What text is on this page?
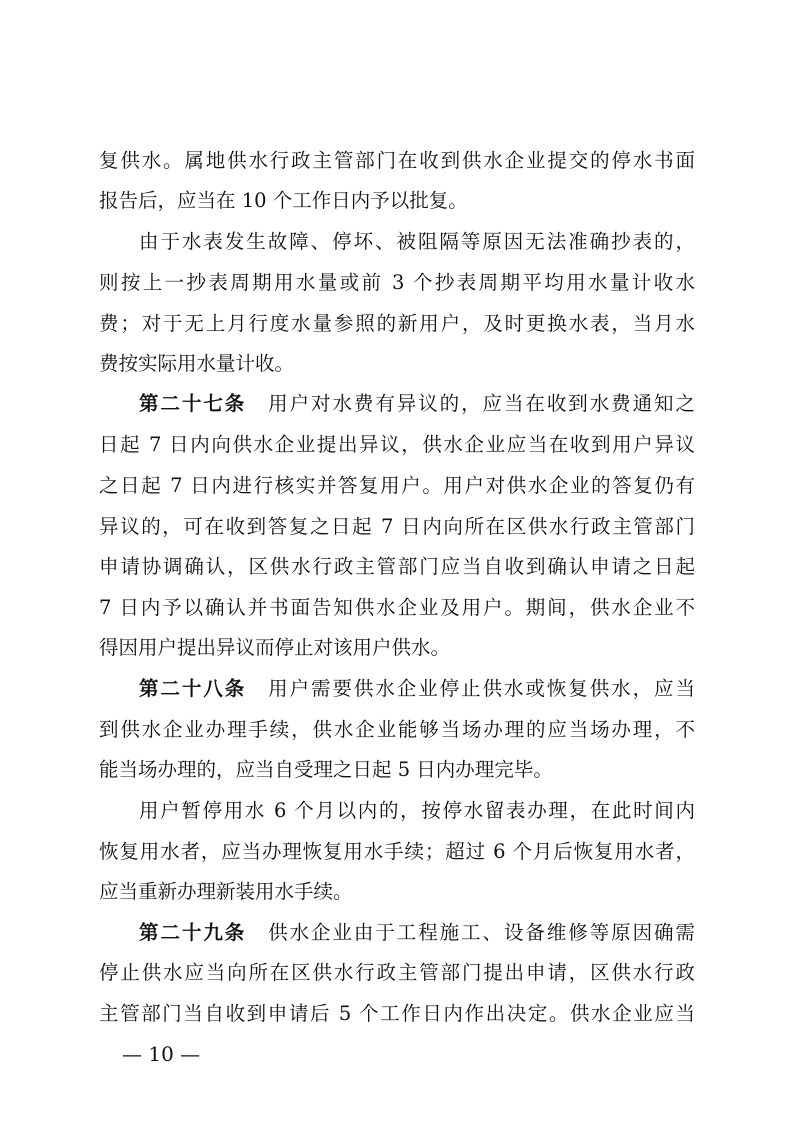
复供水。属地供水行政主管部门在收到供水企业提交的停水书面
报告后，应当在 10 个工作日内予以批复。
由于水表发生故障、停坏、被阻隔等原因无法准确抄表的，
则按上一抄表周期用水量或前 3 个抄表周期平均用水量计收水
费；对于无上月行度水量参照的新用户，及时更换水表，当月水
费按实际用水量计收。
第二十七条 用户对水费有异议的，应当在收到水费通知之
日起 7 日内向供水企业提出异议，供水企业应当在收到用户异议
之日起 7 日内进行核实并答复用户。用户对供水企业的答复仍有
异议的，可在收到答复之日起 7 日内向所在区供水行政主管部门
申请协调确认，区供水行政主管部门应当自收到确认申请之日起
7 日内予以确认并书面告知供水企业及用户。期间，供水企业不
得因用户提出异议而停止对该用户供水。
第二十八条 用户需要供水企业停止供水或恢复供水，应当
到供水企业办理手续，供水企业能够当场办理的应当场办理，不
能当场办理的，应当自受理之日起 5 日内办理完毕。
用户暂停用水 6 个月以内的，按停水留表办理，在此时间内
恢复用水者，应当办理恢复用水手续；超过 6 个月后恢复用水者，
应当重新办理新装用水手续。
第二十九条 供水企业由于工程施工、设备维修等原因确需
停止供水应当向所在区供水行政主管部门提出申请，区供水行政
主管部门当自收到申请后 5 个工作日内作出决定。供水企业应当
— 10 —
